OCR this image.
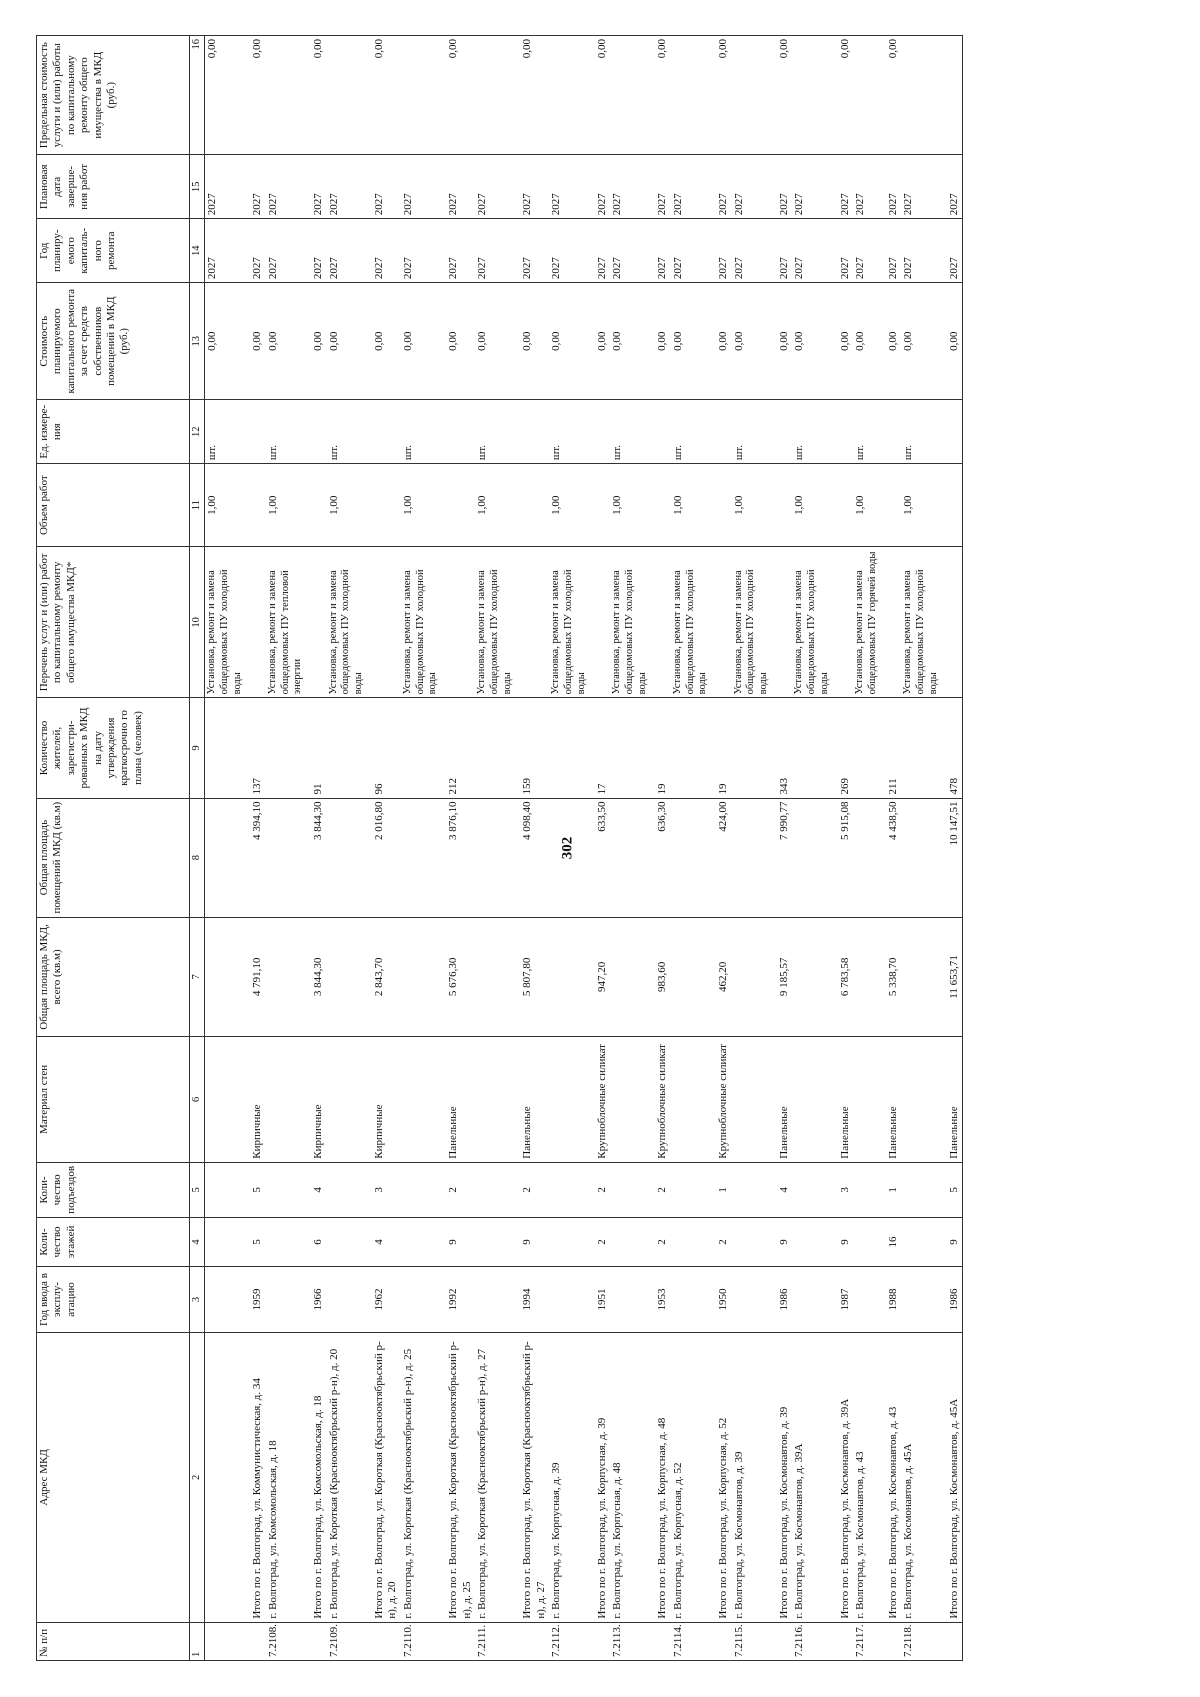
302
№ п/п	Адрес МКД	Год ввода в эксплу-атацию	Коли-чество этажей	Коли-чество подъездов	Материал стен	Общая площадь МКД, всего (кв.м)	Общая площадь помещений МКД (кв.м)	Количество жителей, зарегистри-рованных в МКД на дату утверждения краткосрочно го плана (человек)	Перечень услуг и (или) работ по капитальному ремонту общего имущества МКД*	Объем работ	Ед. измере-ния	Стоимость планируемого капитального ремонта за счет средств собственников помещений в МКД (руб.)	Год планиру-емого капиталь-ного ремонта	Плановая дата заверше-ния работ	Предельная стоимость услуги и (или) работы по капитальному ремонту общего имущества в МКД (руб.)
1	2	3	4	5	6	7	8	9	10	11	12	13	14	15	16
									Установка, ремонт и замена общедомовых ПУ холодной воды	1,00	шт.	0,00	2027	2027	0,00
	Итого по г. Волгоград, ул. Коммунистическая, д. 34	1959	5	5	Кирпичные	4 791,10	4 394,10	137				0,00	2027	2027	0,00
7.2108.	г. Волгоград, ул. Комсомольская, д. 18								Установка, ремонт и замена общедомовых ПУ тепловой энергии	1,00	шт.	0,00	2027	2027	
	Итого по г. Волгоград, ул. Комсомольская, д. 18	1966	6	4	Кирпичные	3 844,30	3 844,30	91				0,00	2027	2027	0,00
7.2109.	г. Волгоград, ул. Короткая (Краснооктябрьский р-н), д. 20								Установка, ремонт и замена общедомовых ПУ холодной воды	1,00	шт.	0,00	2027	2027	
	Итого по г. Волгоград, ул. Короткая (Краснооктябрьский р-н), д. 20	1962	4	3	Кирпичные	2 843,70	2 016,80	96				0,00	2027	2027	0,00
7.2110.	г. Волгоград, ул. Короткая (Краснооктябрьский р-н), д. 25								Установка, ремонт и замена общедомовых ПУ холодной воды	1,00	шт.	0,00	2027	2027	
	Итого по г. Волгоград, ул. Короткая (Краснооктябрьский р-н), д. 25	1992	9	2	Панельные	5 676,30	3 876,10	212				0,00	2027	2027	0,00
7.2111.	г. Волгоград, ул. Короткая (Краснооктябрьский р-н), д. 27								Установка, ремонт и замена общедомовых ПУ холодной воды	1,00	шт.	0,00	2027	2027	
	Итого по г. Волгоград, ул. Короткая (Краснооктябрьский р-н), д. 27	1994	9	2	Панельные	5 807,80	4 098,40	159				0,00	2027	2027	0,00
7.2112.	г. Волгоград, ул. Корпусная, д. 39								Установка, ремонт и замена общедомовых ПУ холодной воды	1,00	шт.	0,00	2027	2027	
	Итого по г. Волгоград, ул. Корпусная, д. 39	1951	2	2	Крупноблочные силикат	947,20	633,50	17				0,00	2027	2027	0,00
7.2113.	г. Волгоград, ул. Корпусная, д. 48								Установка, ремонт и замена общедомовых ПУ холодной воды	1,00	шт.	0,00	2027	2027	
	Итого по г. Волгоград, ул. Корпусная, д. 48	1953	2	2	Крупноблочные силикат	983,60	636,30	19				0,00	2027	2027	0,00
7.2114.	г. Волгоград, ул. Корпусная, д. 52								Установка, ремонт и замена общедомовых ПУ холодной воды	1,00	шт.	0,00	2027	2027	
	Итого по г. Волгоград, ул. Корпусная, д. 52	1950	2	1	Крупноблочные силикат	462,20	424,00	19				0,00	2027	2027	0,00
7.2115.	г. Волгоград, ул. Космонавтов, д. 39								Установка, ремонт и замена общедомовых ПУ холодной воды	1,00	шт.	0,00	2027	2027	
	Итого по г. Волгоград, ул. Космонавтов, д. 39	1986	9	4	Панельные	9 185,57	7 990,77	343				0,00	2027	2027	0,00
7.2116.	г. Волгоград, ул. Космонавтов, д. 39А								Установка, ремонт и замена общедомовых ПУ холодной воды	1,00	шт.	0,00	2027	2027	
	Итого по г. Волгоград, ул. Космонавтов, д. 39А	1987	9	3	Панельные	6 783,58	5 915,08	269				0,00	2027	2027	0,00
7.2117.	г. Волгоград, ул. Космонавтов, д. 43								Установка, ремонт и замена общедомовых ПУ горячей воды	1,00	шт.	0,00	2027	2027	
	Итого по г. Волгоград, ул. Космонавтов, д. 43	1988	16	1	Панельные	5 338,70	4 438,50	211				0,00	2027	2027	0,00
7.2118.	г. Волгоград, ул. Космонавтов, д. 45А								Установка, ремонт и замена общедомовых ПУ холодной воды	1,00	шт.	0,00	2027	2027	
	Итого по г. Волгоград, ул. Космонавтов, д. 45А	1986	9	5	Панельные	11 653,71	10 147,51	478				0,00	2027	2027	
